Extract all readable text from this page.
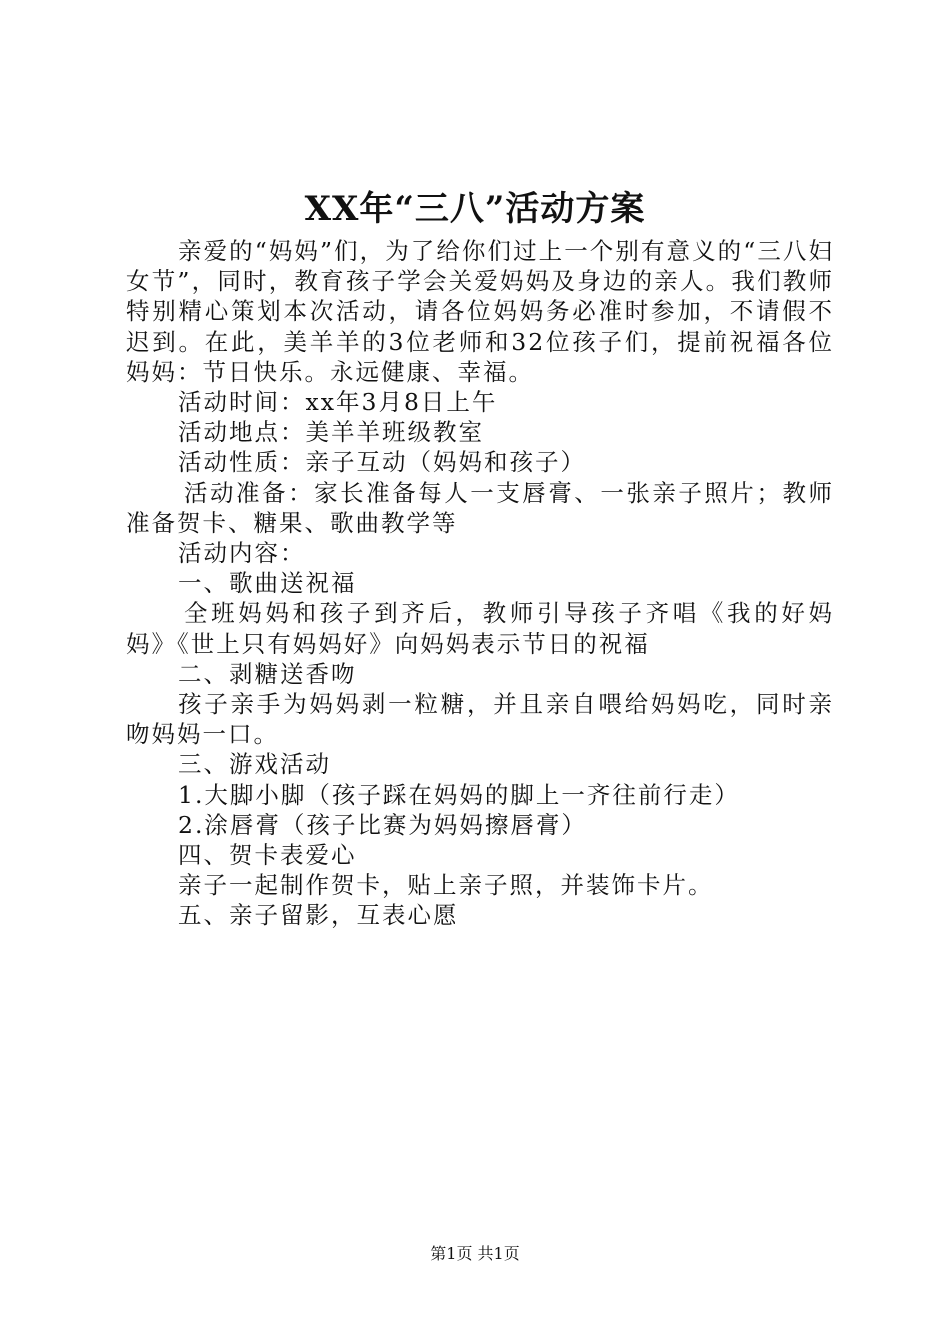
XX年“三八”活动方案

亲爱的“妈妈”们，为了给你们过上一个别有意义的“三八妇女节”，同时，教育孩子学会关爱妈妈及身边的亲人。我们教师特别精心策划本次活动，请各位妈妈务必准时参加，不请假不迟到。在此，美羊羊的3位老师和32位孩子们，提前祝福各位妈妈：节日快乐。永远健康、幸福。

活动时间：xx年3月8日上午

活动地点：美羊羊班级教室

活动性质：亲子互动（妈妈和孩子）

活动准备：家长准备每人一支唇膏、一张亲子照片；教师准备贺卡、糖果、歌曲教学等

活动内容：

一、歌曲送祝福

全班妈妈和孩子到齐后，教师引导孩子齐唱《我的好妈妈》《世上只有妈妈好》向妈妈表示节日的祝福

二、剥糖送香吻

孩子亲手为妈妈剥一粒糖，并且亲自喂给妈妈吃，同时亲吻妈妈一口。

三、游戏活动

1.大脚小脚（孩子踩在妈妈的脚上一齐往前行走）

2.涂唇膏（孩子比赛为妈妈擦唇膏）

四、贺卡表爱心

亲子一起制作贺卡，贴上亲子照，并装饰卡片。

五、亲子留影，互表心愿

第1页 共1页
